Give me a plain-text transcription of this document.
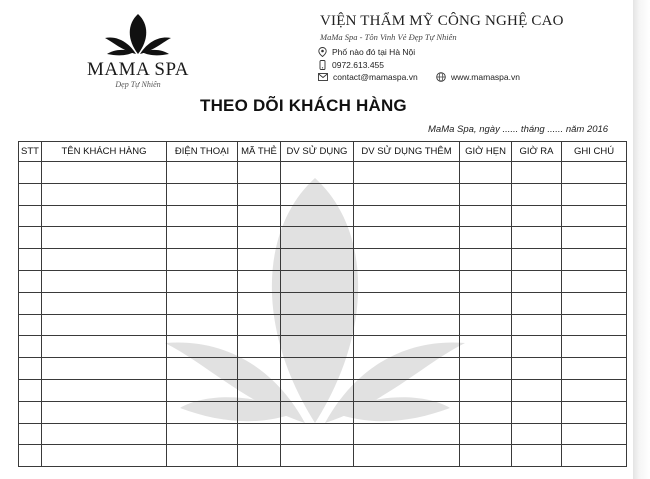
MAMA SPA
Dẹp Tự Nhiên
VIỆN THẨM MỸ CÔNG NGHỆ CAO
MaMa Spa - Tôn Vinh Vẻ Đẹp Tự Nhiên
Phố nào đó tại Hà Nội
0972.613.455
contact@mamaspa.vn	www.mamaspa.vn
THEO DÕI KHÁCH HÀNG
MaMa Spa, ngày ...... tháng ...... năm 2016
STT	TÊN KHÁCH HÀNG	ĐIỆN THOẠI	MÃ THẺ	DV SỬ DỤNG	DV SỬ DỤNG THÊM	GIỜ HẸN	GIỜ RA	GHI CHÚ
